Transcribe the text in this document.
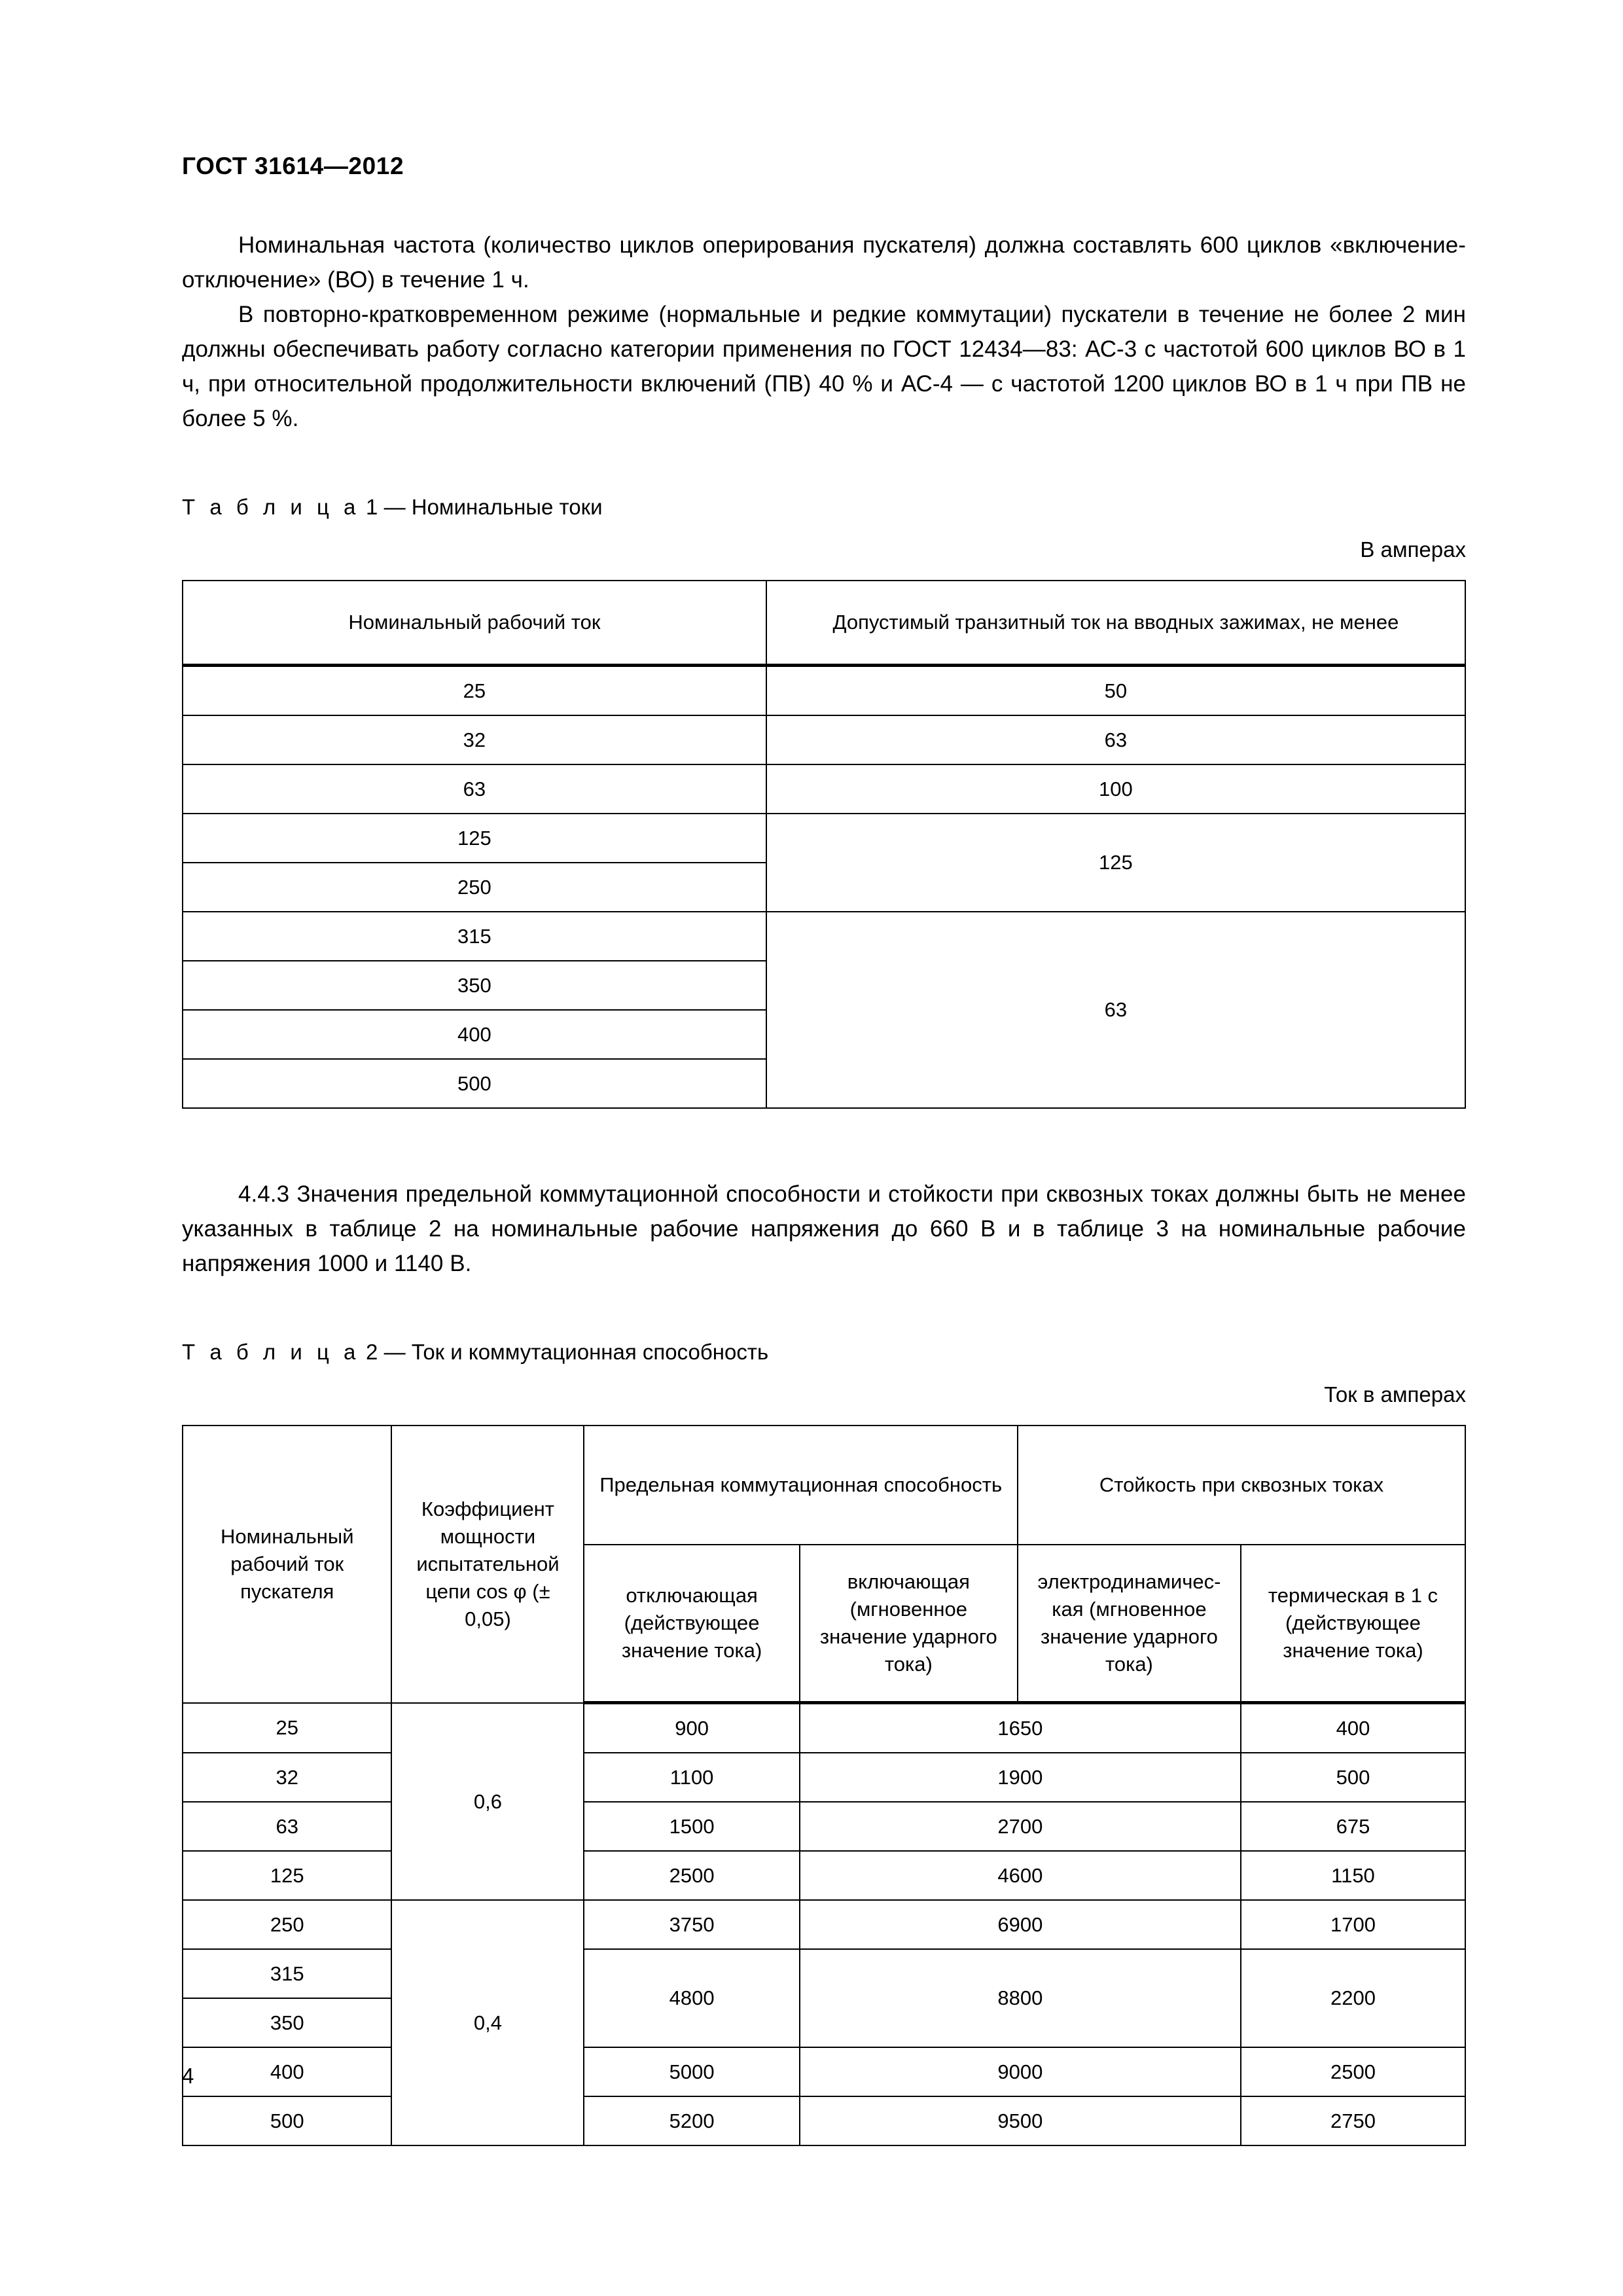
ГОСТ 31614—2012

Номинальная частота (количество циклов оперирования пускателя) должна составлять 600 циклов «включение-отключение» (ВО) в течение 1 ч.

В повторно-кратковременном режиме (нормальные и редкие коммутации) пускатели в течение не более 2 мин должны обеспечивать работу согласно категории применения по ГОСТ 12434—83: АС-3 с частотой 600 циклов ВО в 1 ч, при относительной продолжительности включений (ПВ) 40 % и АС-4 — с частотой 1200 циклов ВО в 1 ч при ПВ не более 5 %.

Т а б л и ц а 1 — Номинальные токи

В амперах
Номинальный рабочий ток	Допустимый транзитный ток на вводных зажимах, не менее
25	50
32	63
63	100
125	125
250	
315	63
350	
400	
500	

4.4.3 Значения предельной коммутационной способности и стойкости при сквозных токах должны быть не менее указанных в таблице 2 на номинальные рабочие напряжения до 660 В и в таблице 3 на номинальные рабочие напряжения 1000 и 1140 В.

Т а б л и ц а 2 — Ток и коммутационная способность

Ток в амперах
Номинальный рабочий ток пускателя	Коэффициент мощности испытательной цепи cos φ (± 0,05)	Предельная коммутационная способность		Стойкость при сквозных токах	
		отключающая (действующее значение тока)	включающая (мгновенное значение ударного тока)	электродинамичес-кая (мгновенное значение ударного тока)	термическая в 1 с (действующее значение тока)
25	0,6	900	1650		400
32		1100	1900		500
63		1500	2700		675
125		2500	4600		1150
250	0,4	3750	6900		1700
315		4800	8800		2200
350					
400		5000	9000		2500
500		5200	9500		2750
4
